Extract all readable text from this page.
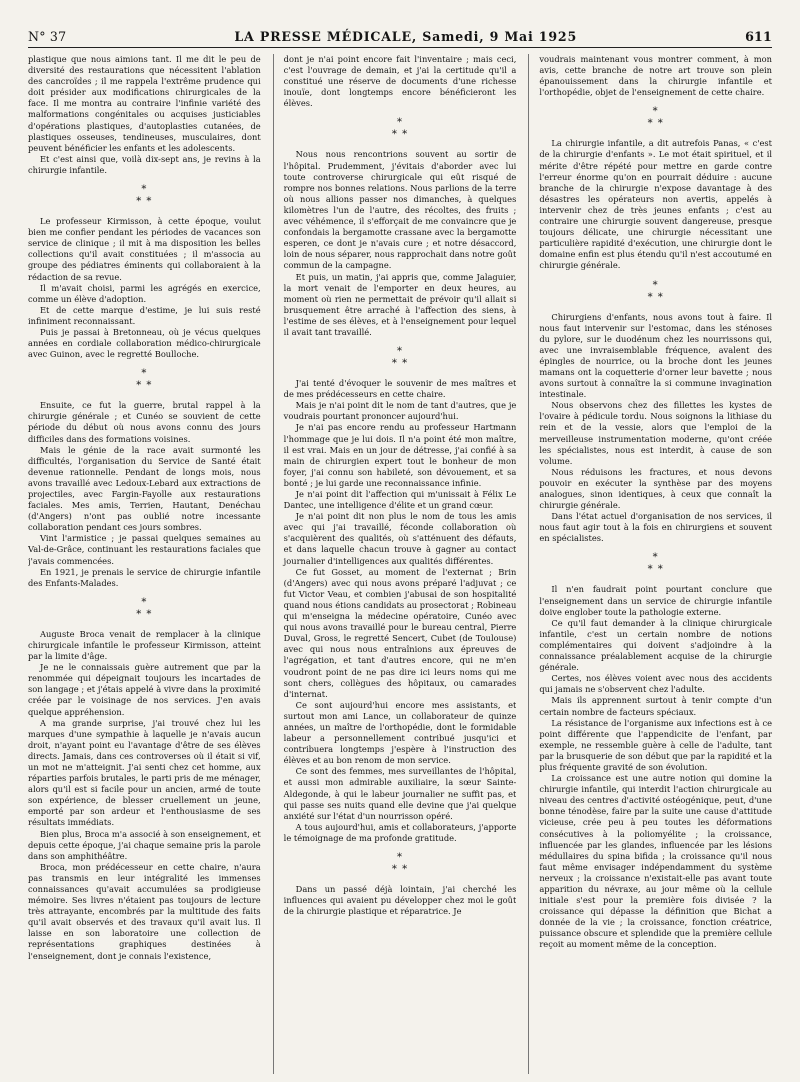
N° 37	LA PRESSE MÉDICALE, Samedi, 9 Mai 1925	611

plastique que nous aimions tant. Il me dit le peu de diversité des restaurations que nécessitent l'ablation des cancroïdes ; il me rappela l'extrême prudence qui doit présider aux modifications chirurgicales de la face. Il me montra au contraire l'infinie variété des malformations congénitales ou acquises justiciables d'opérations plastiques, d'autoplasties cutanées, de plastiques osseuses, tendineuses, musculaires, dont peuvent bénéficier les enfants et les adolescents.

Et c'est ainsi que, voilà dix-sept ans, je revins à la chirurgie infantile.

*
* *

Le professeur Kirmisson, à cette époque, voulut bien me confier pendant les périodes de vacances son service de clinique ; il mit à ma disposition les belles collections qu'il avait constituées ; il m'associa au groupe des pédiatres éminents qui collaboraient à la rédaction de sa revue.

Il m'avait choisi, parmi les agrégés en exercice, comme un élève d'adoption.

Et de cette marque d'estime, je lui suis resté infiniment reconnaissant.

Puis je passai à Bretonneau, où je vécus quelques années en cordiale collaboration médico-chirurgicale avec Guinon, avec le regretté Boulloche.

*
* *

Ensuite, ce fut la guerre, brutal rappel à la chirurgie générale ; et Cunéo se souvient de cette période du début où nous avons connu des jours difficiles dans des formations voisines.

Mais le génie de la race avait surmonté les difficultés, l'organisation du Service de Santé était devenue rationnelle. Pendant de longs mois, nous avons travaillé avec Ledoux-Lebard aux extractions de projectiles, avec Fargin-Fayolle aux restaurations faciales. Mes amis, Terrien, Hautant, Denéchau (d'Angers) n'ont pas oublié notre incessante collaboration pendant ces jours sombres.

Vint l'armistice ; je passai quelques semaines au Val-de-Grâce, continuant les restaurations faciales que j'avais commencées.

En 1921, je prenais le service de chirurgie infantile des Enfants-Malades.

*
* *

Auguste Broca venait de remplacer à la clinique chirurgicale infantile le professeur Kirmisson, atteint par la limite d'âge.

Je ne le connaissais guère autrement que par la renommée qui dépeignait toujours les incartades de son langage ; et j'étais appelé à vivre dans la proximité créée par le voisinage de nos services. J'en avais quelque appréhension.

A ma grande surprise, j'ai trouvé chez lui les marques d'une sympathie à laquelle je n'avais aucun droit, n'ayant point eu l'avantage d'être de ses élèves directs. Jamais, dans ces controverses où il était si vif, un mot ne m'atteignit. J'ai senti chez cet homme, aux réparties parfois brutales, le parti pris de me ménager, alors qu'il est si facile pour un ancien, armé de toute son expérience, de blesser cruellement un jeune, emporté par son ardeur et l'enthousiasme de ses résultats immédiats.

Bien plus, Broca m'a associé à son enseignement, et depuis cette époque, j'ai chaque semaine pris la parole dans son amphithéâtre.

Broca, mon prédécesseur en cette chaire, n'aura pas transmis en leur intégralité les immenses connaissances qu'avait accumulées sa prodigieuse mémoire. Ses livres n'étaient pas toujours de lecture très attrayante, encombrés par la multitude des faits qu'il avait observés et des travaux qu'il avait lus. Il laisse en son laboratoire une collection de représentations graphiques destinées à l'enseignement, dont je connais l'existence,

dont je n'ai point encore fait l'inventaire ; mais ceci, c'est l'ouvrage de demain, et j'ai la certitude qu'il a constitué une réserve de documents d'une richesse inouïe, dont longtemps encore bénéficieront les élèves.

*
* *

Nous nous rencontrions souvent au sortir de l'hôpital. Prudemment, j'évitais d'aborder avec lui toute controverse chirurgicale qui eût risqué de rompre nos bonnes relations. Nous parlions de la terre où nous allions passer nos dimanches, à quelques kilomètres l'un de l'autre, des récoltes, des fruits ; avec véhémence, il s'efforçait de me convaincre que je confondais la bergamotte crassane avec la bergamotte esperen, ce dont je n'avais cure ; et notre désaccord, loin de nous séparer, nous rapprochait dans notre goût commun de la campagne.

Et puis, un matin, j'ai appris que, comme Jalaguier, la mort venait de l'emporter en deux heures, au moment où rien ne permettait de prévoir qu'il allait si brusquement être arraché à l'affection des siens, à l'estime de ses élèves, et à l'enseignement pour lequel il avait tant travaillé.

*
* *

J'ai tenté d'évoquer le souvenir de mes maîtres et de mes prédécesseurs en cette chaire.

Mais je n'ai point dit le nom de tant d'autres, que je voudrais pourtant prononcer aujourd'hui.

Je n'ai pas encore rendu au professeur Hartmann l'hommage que je lui dois. Il n'a point été mon maître, il est vrai. Mais en un jour de détresse, j'ai confié à sa main de chirurgien expert tout le bonheur de mon foyer, j'ai connu son habileté, son dévouement, et sa bonté ; je lui garde une reconnaissance infinie.

Je n'ai point dit l'affection qui m'unissait à Félix Le Dantec, une intelligence d'élite et un grand cœur.

Je n'ai point dit non plus le nom de tous les amis avec qui j'ai travaillé, féconde collaboration où s'acquièrent des qualités, où s'atténuent des défauts, et dans laquelle chacun trouve à gagner au contact journalier d'intelligences aux qualités différentes.

Ce fut Gosset, au moment de l'externat ; Brin (d'Angers) avec qui nous avons préparé l'adjuvat ; ce fut Victor Veau, et combien j'abusai de son hospitalité quand nous étions candidats au prosectorat ; Robineau qui m'enseigna la médecine opératoire, Cunéo avec qui nous avons travaillé pour le bureau central, Pierre Duval, Gross, le regretté Sencert, Cubet (de Toulouse) avec qui nous nous entraînions aux épreuves de l'agrégation, et tant d'autres encore, qui ne m'en voudront point de ne pas dire ici leurs noms qui me sont chers, collègues des hôpitaux, ou camarades d'internat.

Ce sont aujourd'hui encore mes assistants, et surtout mon ami Lance, un collaborateur de quinze années, un maître de l'orthopédie, dont le formidable labeur a personnellement contribué jusqu'ici et contribuera longtemps j'espère à l'instruction des élèves et au bon renom de mon service.

Ce sont des femmes, mes surveillantes de l'hôpital, et aussi mon admirable auxiliaire, la sœur Sainte-Aldegonde, à qui le labeur journalier ne suffit pas, et qui passe ses nuits quand elle devine que j'ai quelque anxiété sur l'état d'un nourrisson opéré.

A tous aujourd'hui, amis et collaborateurs, j'apporte le témoignage de ma profonde gratitude.

*
* *

Dans un passé déjà lointain, j'ai cherché les influences qui avaient pu développer chez moi le goût de la chirurgie plastique et réparatrice. Je

voudrais maintenant vous montrer comment, à mon avis, cette branche de notre art trouve son plein épanouissement dans la chirurgie infantile et l'orthopédie, objet de l'enseignement de cette chaire.

*
* *

La chirurgie infantile, a dit autrefois Panas, « c'est de la chirurgie d'enfants ». Le mot était spirituel, et il mérite d'être répété pour mettre en garde contre l'erreur énorme qu'on en pourrait déduire : aucune branche de la chirurgie n'expose davantage à des désastres les opérateurs non avertis, appelés à intervenir chez de très jeunes enfants ; c'est au contraire une chirurgie souvent dangereuse, presque toujours délicate, une chirurgie nécessitant une particulière rapidité d'exécution, une chirurgie dont le domaine enfin est plus étendu qu'il n'est accoutumé en chirurgie générale.

*
* *

Chirurgiens d'enfants, nous avons tout à faire. Il nous faut intervenir sur l'estomac, dans les sténoses du pylore, sur le duodénum chez les nourrissons qui, avec une invraisemblable fréquence, avalent des épingles de nourrice, ou la broche dont les jeunes mamans ont la coquetterie d'orner leur bavette ; nous avons surtout à connaître la si commune invagination intestinale.

Nous observons chez des fillettes les kystes de l'ovaire à pédicule tordu. Nous soignons la lithiase du rein et de la vessie, alors que l'emploi de la merveilleuse instrumentation moderne, qu'ont créée les spécialistes, nous est interdit, à cause de son volume.

Nous réduisons les fractures, et nous devons pouvoir en exécuter la synthèse par des moyens analogues, sinon identiques, à ceux que connaît la chirurgie générale.

Dans l'état actuel d'organisation de nos services, il nous faut agir tout à la fois en chirurgiens et souvent en spécialistes.

*
* *

Il n'en faudrait point pourtant conclure que l'enseignement dans un service de chirurgie infantile doive englober toute la pathologie externe.

Ce qu'il faut demander à la clinique chirurgicale infantile, c'est un certain nombre de notions complémentaires qui doivent s'adjoindre à la connaissance préalablement acquise de la chirurgie générale.

Certes, nos élèves voient avec nous des accidents qui jamais ne s'observent chez l'adulte.

Mais ils apprennent surtout à tenir compte d'un certain nombre de facteurs spéciaux.

La résistance de l'organisme aux infections est à ce point différente que l'appendicite de l'enfant, par exemple, ne ressemble guère à celle de l'adulte, tant par la brusquerie de son début que par la rapidité et la plus fréquente gravité de son évolution.

La croissance est une autre notion qui domine la chirurgie infantile, qui interdit l'action chirurgicale au niveau des centres d'activité ostéogénique, peut, d'une bonne ténodèse, faire par la suite une cause d'attitude vicieuse, crée peu à peu toutes les déformations consécutives à la poliomyélite ; la croissance, influencée par les glandes, influencée par les lésions médullaires du spina bifida ; la croissance qu'il nous faut même envisager indépendamment du système nerveux ; la croissance n'existait-elle pas avant toute apparition du névraxe, au jour même où la cellule initiale s'est pour la première fois divisée ? la croissance qui dépasse la définition que Bichat a donnée de la vie ; la croissance, fonction créatrice, puissance obscure et splendide que la première cellule reçoit au moment même de la conception.
